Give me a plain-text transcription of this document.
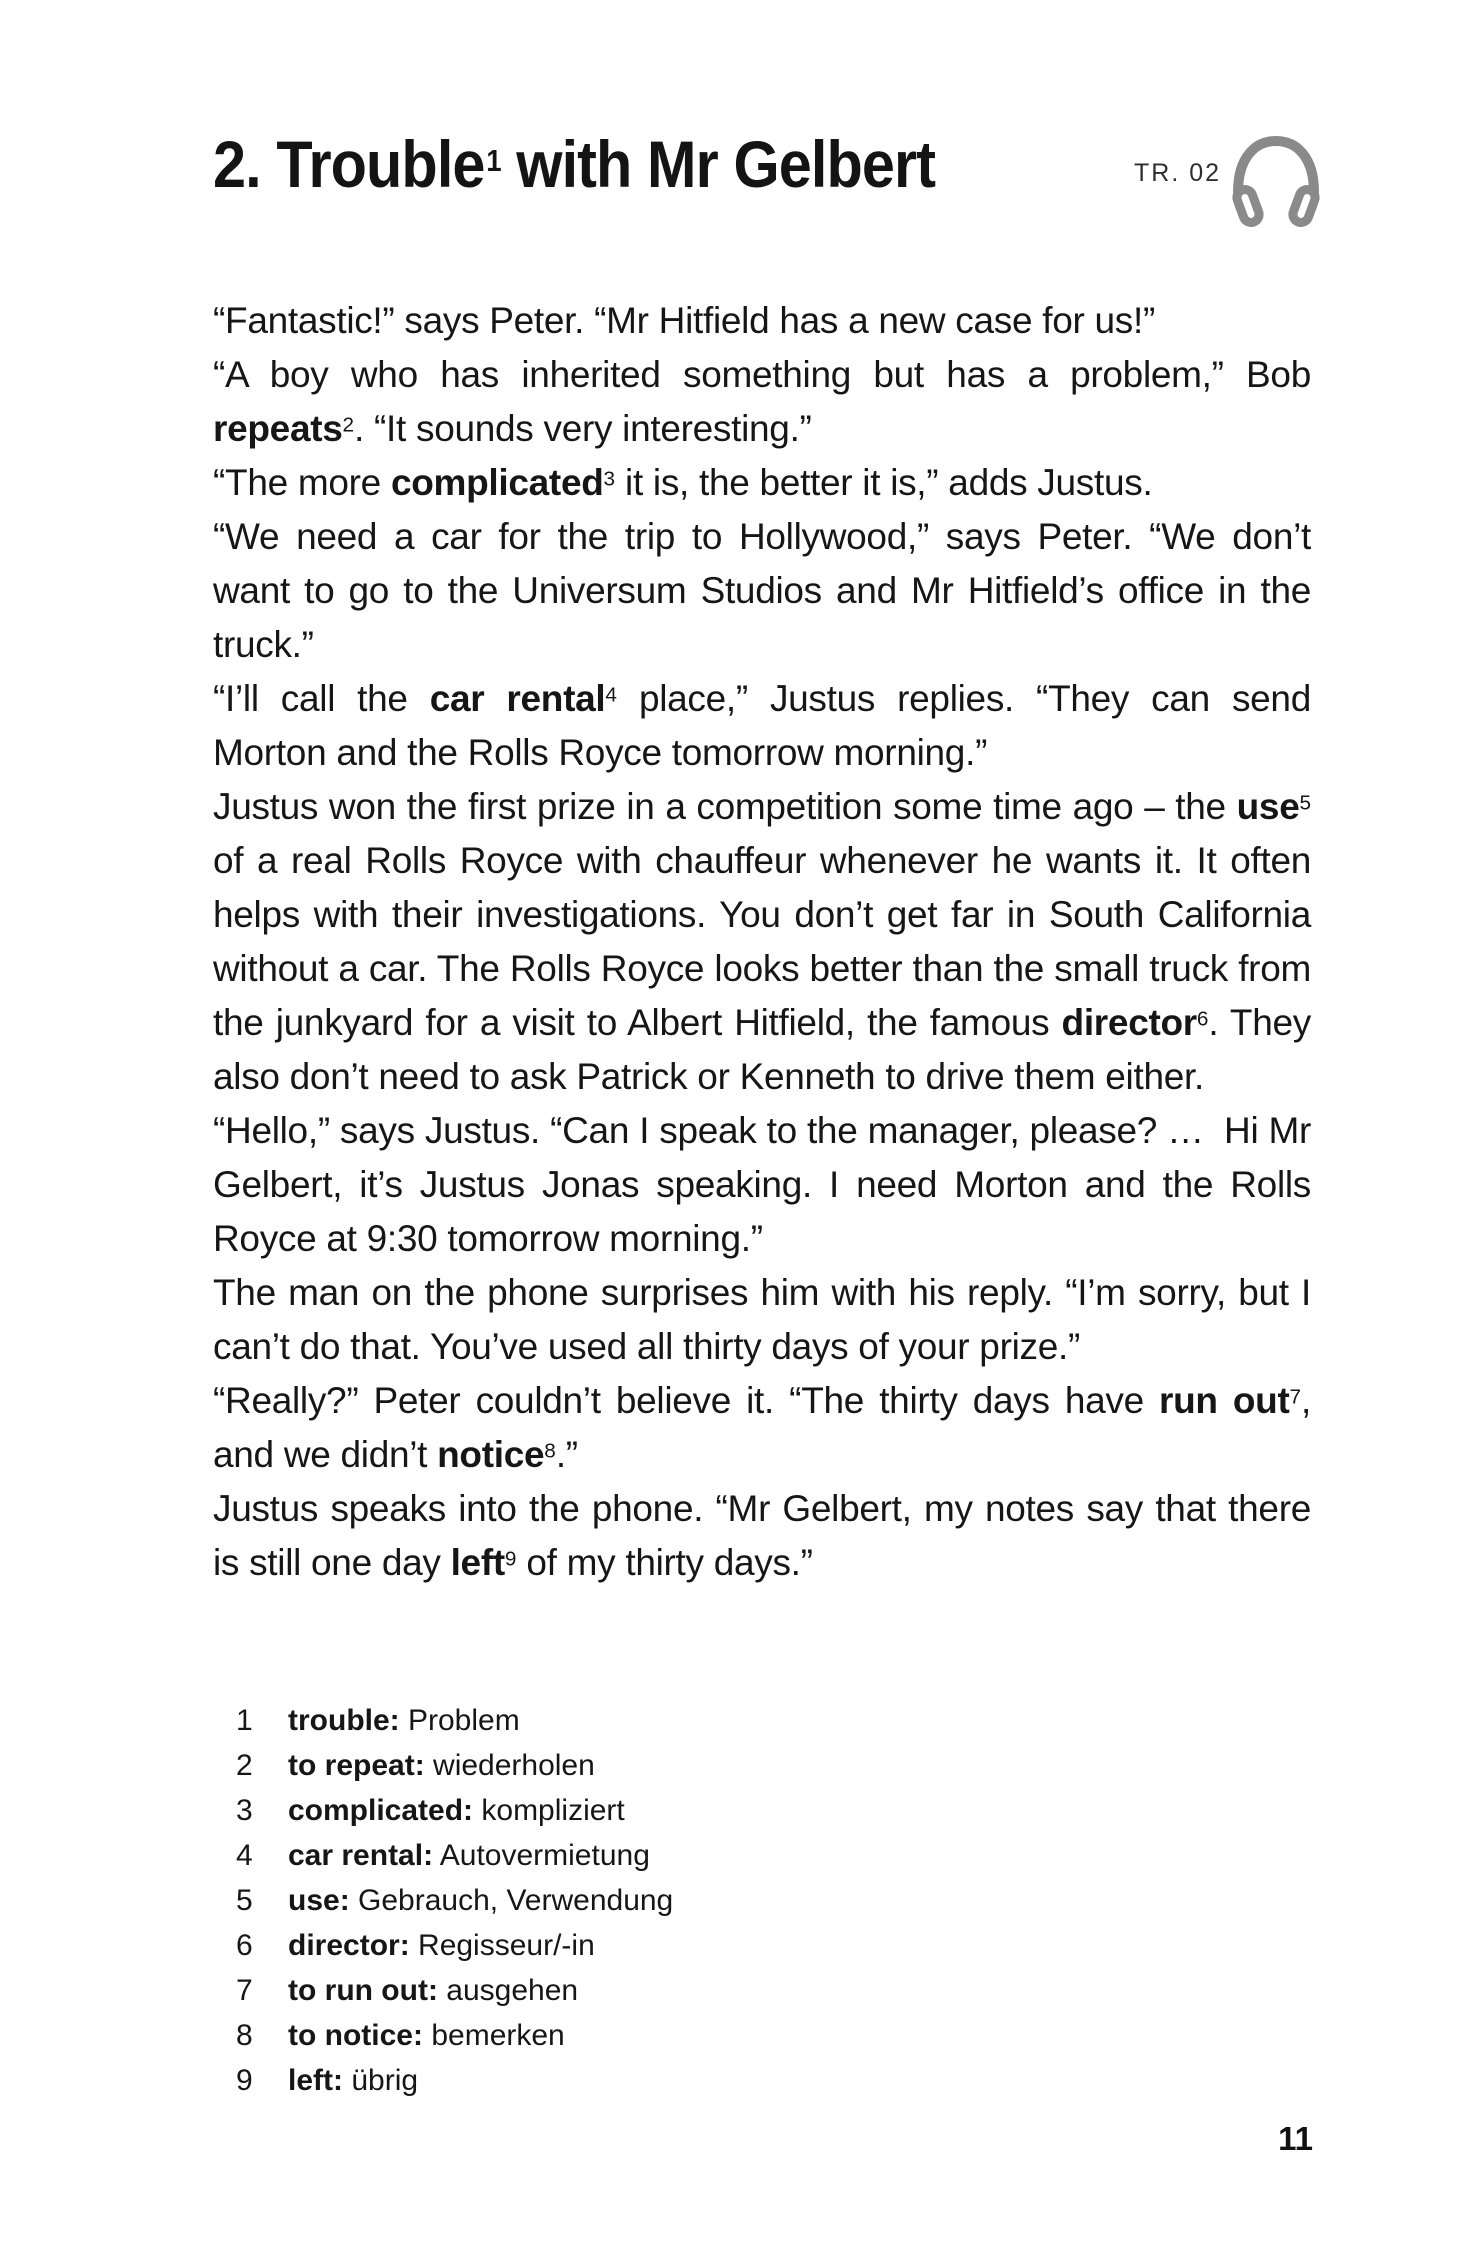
2. Trouble$^1$ with Mr Gelbert	TR. 02

“Fantastic!” says Peter. “Mr Hitfield has a new case for us!”

“A boy who has inherited something but has a problem,” Bob repeats$^2$. “It sounds very interesting.”

“The more complicated$^3$ it is, the better it is,” adds Justus.

“We need a car for the trip to Hollywood,” says Peter. “We don’t want to go to the Universum Studios and Mr Hitfield’s office in the truck.”

“I’ll call the car rental$^4$ place,” Justus replies. “They can send Morton and the Rolls Royce tomorrow morning.”

Justus won the first prize in a competition some time ago – the use$^5$ of a real Rolls Royce with chauffeur whenever he wants it. It often helps with their investigations. You don’t get far in South California without a car. The Rolls Royce looks better than the small truck from the junkyard for a visit to Albert Hitfield, the famous director$^6$. They also don’t need to ask Patrick or Kenneth to drive them either.

“Hello,” says Justus. “Can I speak to the manager, please? …  Hi Mr Gelbert, it’s Justus Jonas speaking. I need Morton and the Rolls Royce at 9:30 tomorrow morning.”

The man on the phone surprises him with his reply. “I’m sorry, but I can’t do that. You’ve used all thirty days of your prize.”

“Really?” Peter couldn’t believe it. “The thirty days have run out$^7$, and we didn’t notice$^8$.”

Justus speaks into the phone. “Mr Gelbert, my notes say that there is still one day left$^9$ of my thirty days.”

1	trouble: Problem
2	to repeat: wiederholen
3	complicated: kompliziert
4	car rental: Autovermietung
5	use: Gebrauch, Verwendung
6	director: Regisseur/-in
7	to run out: ausgehen
8	to notice: bemerken
9	left: übrig
11
